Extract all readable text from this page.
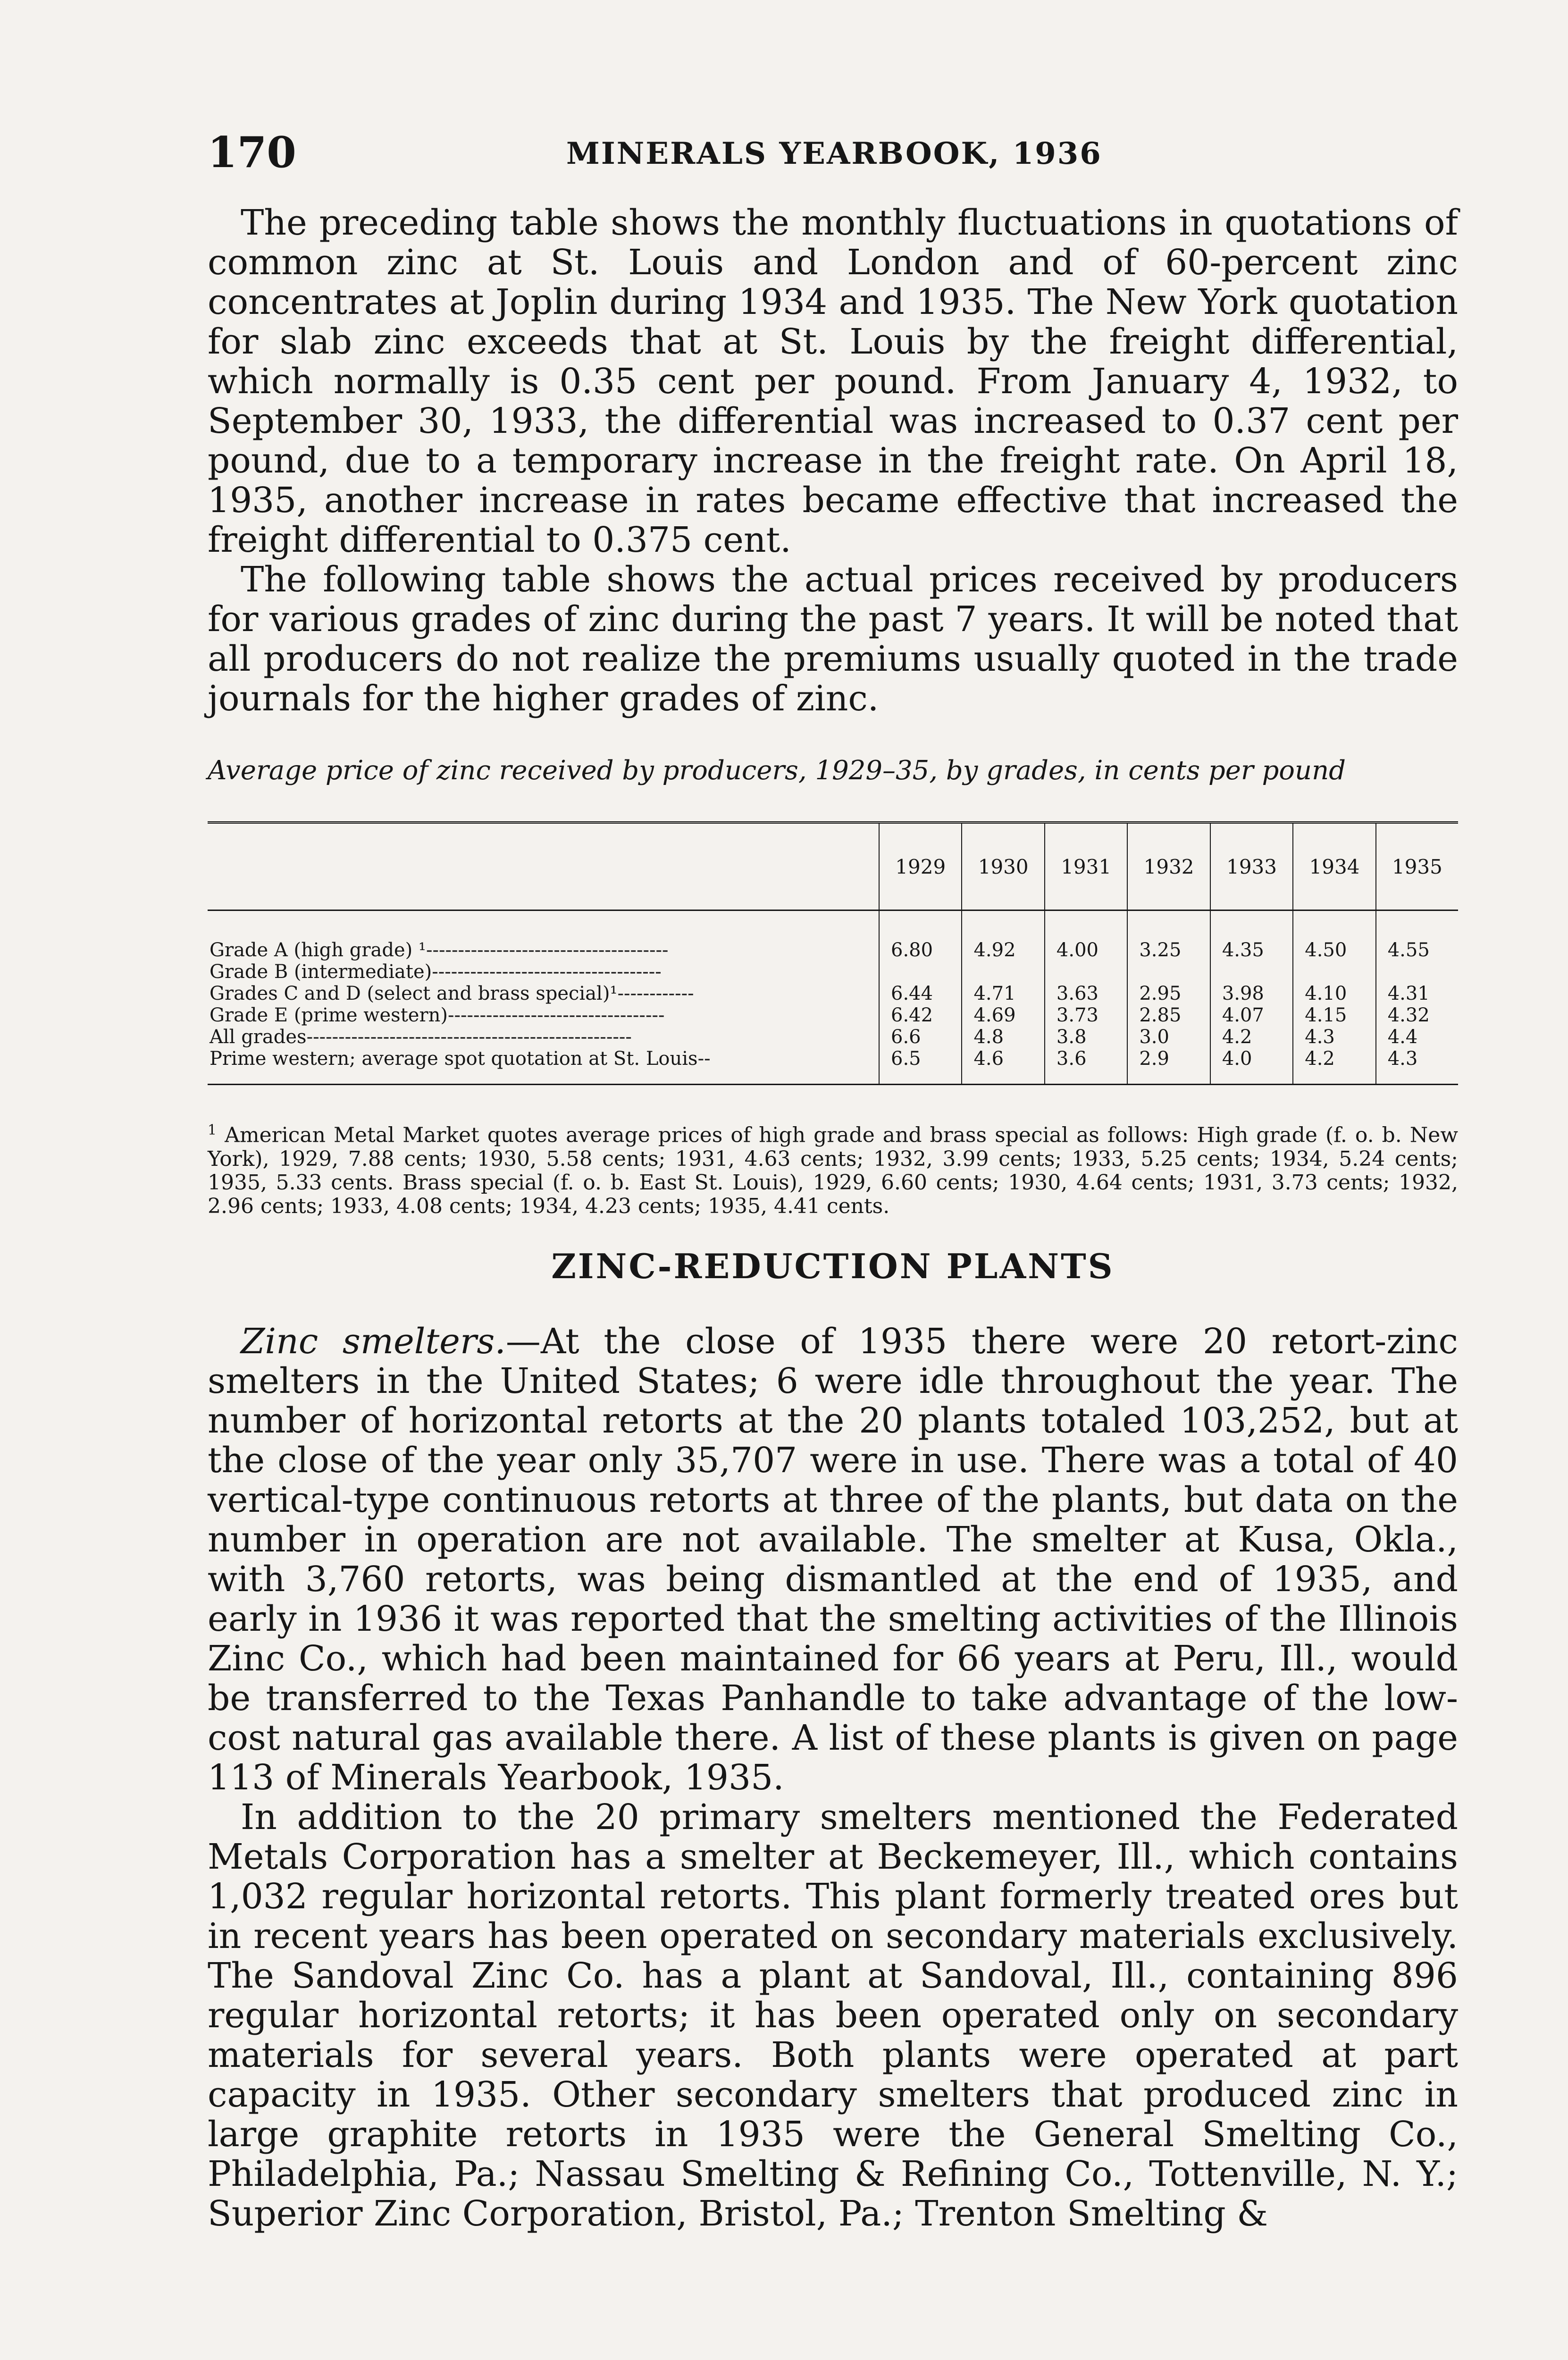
170	MINERALS YEARBOOK, 1936

The preceding table shows the monthly fluctuations in quotations of common zinc at St. Louis and London and of 60-percent zinc concentrates at Joplin during 1934 and 1935. The New York quotation for slab zinc exceeds that at St. Louis by the freight differential, which normally is 0.35 cent per pound. From January 4, 1932, to September 30, 1933, the differential was increased to 0.37 cent per pound, due to a temporary increase in the freight rate. On April 18, 1935, another increase in rates became effective that increased the freight differential to 0.375 cent.

The following table shows the actual prices received by producers for various grades of zinc during the past 7 years. It will be noted that all producers do not realize the premiums usually quoted in the trade journals for the higher grades of zinc.

Average price of zinc received by producers, 1929–35, by grades, in cents per pound
	1929	1930	1931	1932	1933	1934	1935

Grade A (high grade) ¹--------------------------------------	6.80	4.92	4.00	3.25	4.35	4.50	4.55
Grade B (intermediate)------------------------------------							
Grades C and D (select and brass special)¹------------	6.44	4.71	3.63	2.95	3.98	4.10	4.31
Grade E (prime western)----------------------------------	6.42	4.69	3.73	2.85	4.07	4.15	4.32
All grades---------------------------------------------------	6.6	4.8	3.8	3.0	4.2	4.3	4.4
Prime western; average spot quotation at St. Louis--	6.5	4.6	3.6	2.9	4.0	4.2	4.3
$^1$ American Metal Market quotes average prices of high grade and brass special as follows: High grade (f. o. b. New York), 1929, 7.88 cents; 1930, 5.58 cents; 1931, 4.63 cents; 1932, 3.99 cents; 1933, 5.25 cents; 1934, 5.24 cents; 1935, 5.33 cents. Brass special (f. o. b. East St. Louis), 1929, 6.60 cents; 1930, 4.64 cents; 1931, 3.73 cents; 1932, 2.96 cents; 1933, 4.08 cents; 1934, 4.23 cents; 1935, 4.41 cents.
ZINC-REDUCTION PLANTS

Zinc smelters.—At the close of 1935 there were 20 retort-zinc smelters in the United States; 6 were idle throughout the year. The number of horizontal retorts at the 20 plants totaled 103,252, but at the close of the year only 35,707 were in use. There was a total of 40 vertical-type continuous retorts at three of the plants, but data on the number in operation are not available. The smelter at Kusa, Okla., with 3,760 retorts, was being dismantled at the end of 1935, and early in 1936 it was reported that the smelting activities of the Illinois Zinc Co., which had been maintained for 66 years at Peru, Ill., would be transferred to the Texas Panhandle to take advantage of the low-cost natural gas available there. A list of these plants is given on page 113 of Minerals Yearbook, 1935.

In addition to the 20 primary smelters mentioned the Federated Metals Corporation has a smelter at Beckemeyer, Ill., which contains 1,032 regular horizontal retorts. This plant formerly treated ores but in recent years has been operated on secondary materials exclusively. The Sandoval Zinc Co. has a plant at Sandoval, Ill., containing 896 regular horizontal retorts; it has been operated only on secondary materials for several years. Both plants were operated at part capacity in 1935. Other secondary smelters that produced zinc in large graphite retorts in 1935 were the General Smelting Co., Philadelphia, Pa.; Nassau Smelting & Refining Co., Tottenville, N. Y.; Superior Zinc Corporation, Bristol, Pa.; Trenton Smelting &
